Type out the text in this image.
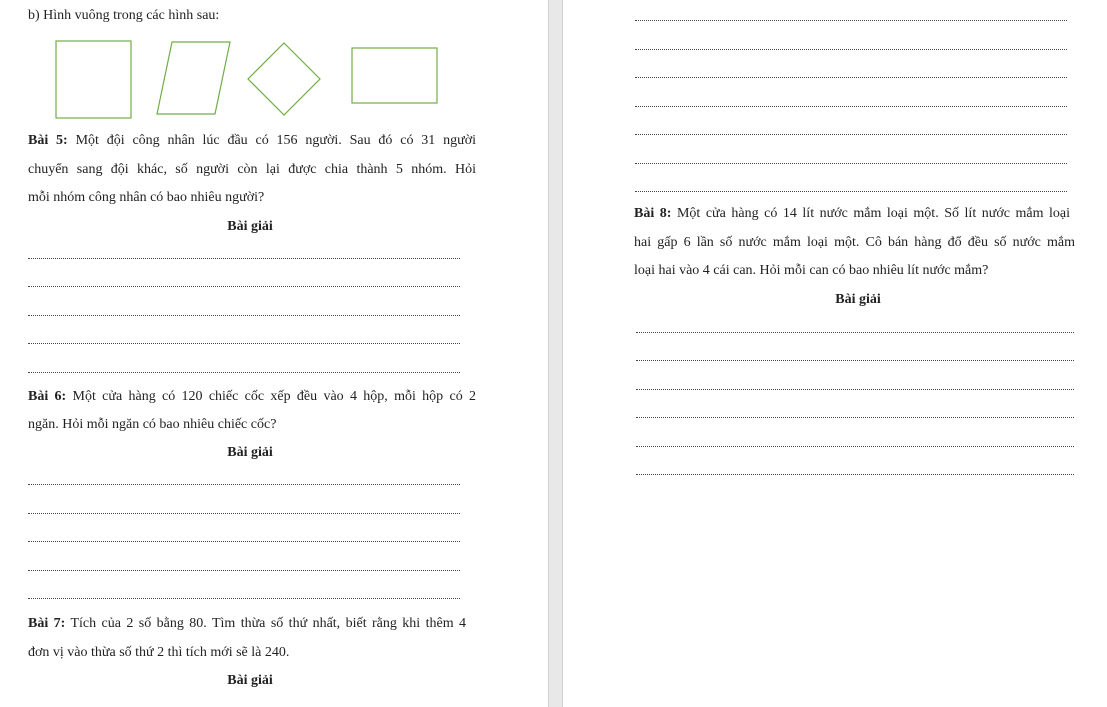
b) Hình vuông trong các hình sau:
Bài 5: Một đội công nhân lúc đầu có 156 người. Sau đó có 31 người
chuyển sang đội khác, số người còn lại được chia thành 5 nhóm. Hỏi
mỗi nhóm công nhân có bao nhiêu người?
Bài giải
Bài 6: Một cửa hàng có 120 chiếc cốc xếp đều vào 4 hộp, mỗi hộp có 2
ngăn. Hỏi mỗi ngăn có bao nhiêu chiếc cốc?
Bài giải
Bài 7: Tích của 2 số bằng 80. Tìm thừa số thứ nhất, biết rằng khi thêm 4
đơn vị vào thừa số thứ 2 thì tích mới sẽ là 240.
Bài giải
Bài 8: Một cửa hàng có 14 lít nước mắm loại một. Số lít nước mắm loại
hai gấp 6 lần số nước mắm loại một. Cô bán hàng đổ đều số nước mắm
loại hai vào 4 cái can. Hỏi mỗi can có bao nhiêu lít nước mắm?
Bài giải
